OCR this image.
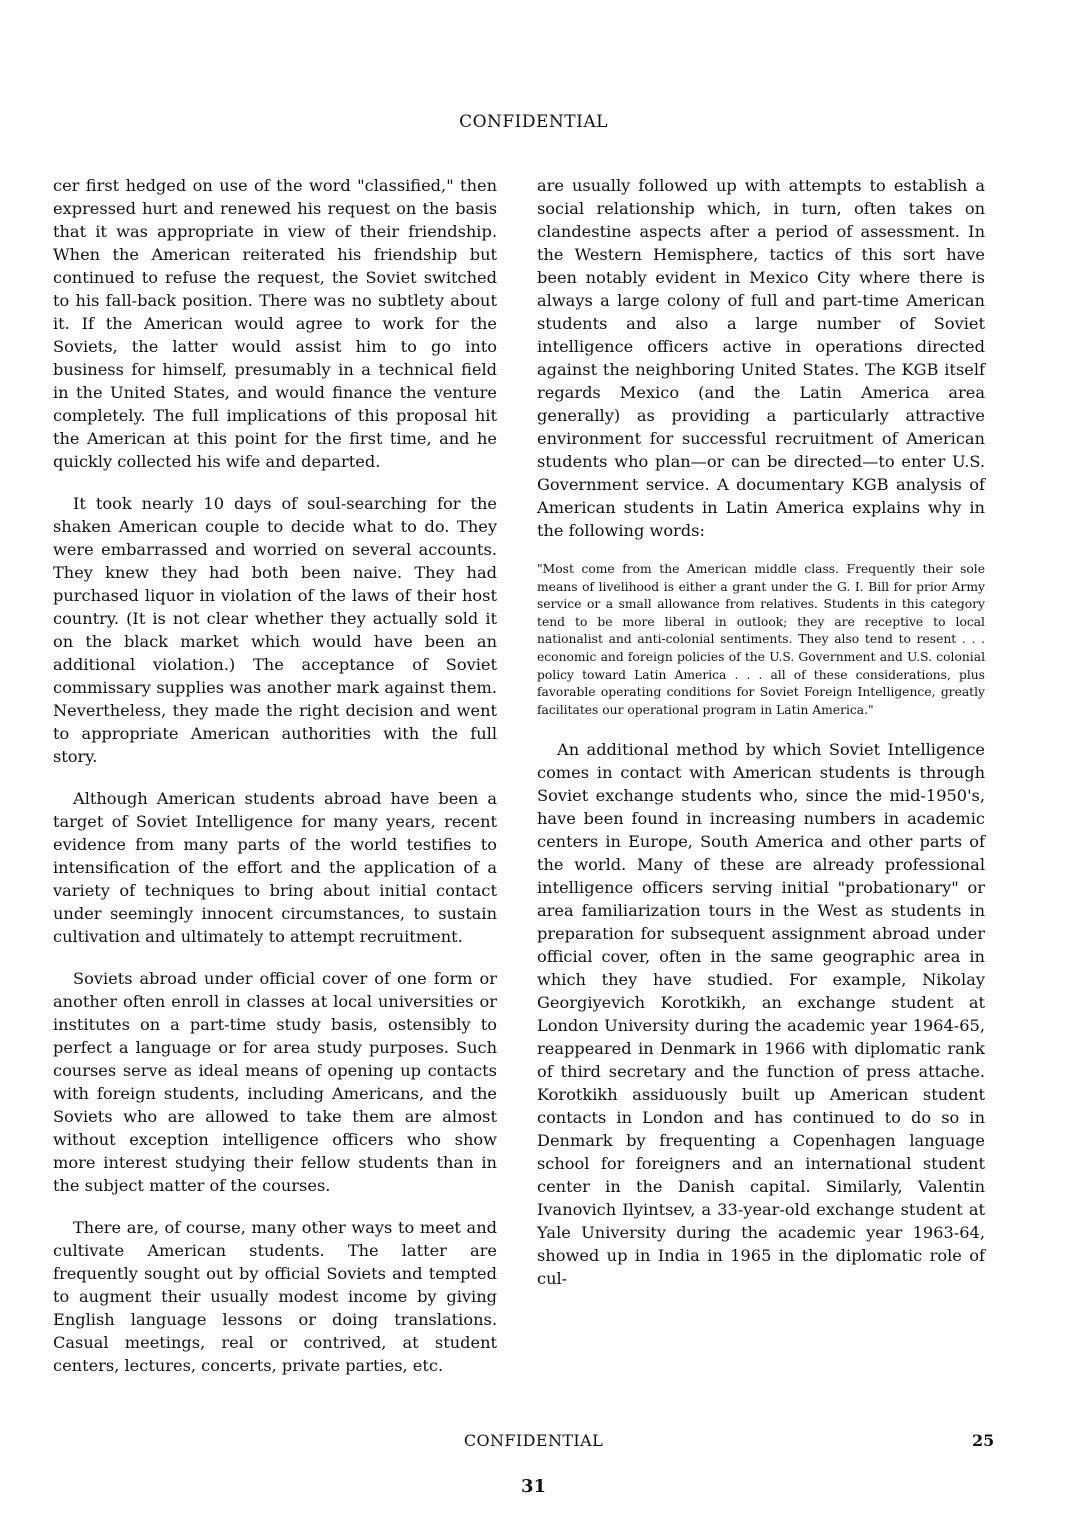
CONFIDENTIAL

cer first hedged on use of the word "classified," then expressed hurt and renewed his request on the basis that it was appropriate in view of their friendship. When the American reiterated his friendship but continued to refuse the request, the Soviet switched to his fall-back position. There was no subtlety about it. If the American would agree to work for the Soviets, the latter would assist him to go into business for himself, presumably in a technical field in the United States, and would finance the venture completely. The full implications of this proposal hit the American at this point for the first time, and he quickly collected his wife and departed.

It took nearly 10 days of soul-searching for the shaken American couple to decide what to do. They were embarrassed and worried on several accounts. They knew they had both been naive. They had purchased liquor in violation of the laws of their host country. (It is not clear whether they actually sold it on the black market which would have been an additional violation.) The acceptance of Soviet commissary supplies was another mark against them. Nevertheless, they made the right decision and went to appropriate American authorities with the full story.

Although American students abroad have been a target of Soviet Intelligence for many years, recent evidence from many parts of the world testifies to intensification of the effort and the application of a variety of techniques to bring about initial contact under seemingly innocent circumstances, to sustain cultivation and ultimately to attempt recruitment.

Soviets abroad under official cover of one form or another often enroll in classes at local universities or institutes on a part-time study basis, ostensibly to perfect a language or for area study purposes. Such courses serve as ideal means of opening up contacts with foreign students, including Americans, and the Soviets who are allowed to take them are almost without exception intelligence officers who show more interest studying their fellow students than in the subject matter of the courses.

There are, of course, many other ways to meet and cultivate American students. The latter are frequently sought out by official Soviets and tempted to augment their usually modest income by giving English language lessons or doing translations. Casual meetings, real or contrived, at student centers, lectures, concerts, private parties, etc.

are usually followed up with attempts to establish a social relationship which, in turn, often takes on clandestine aspects after a period of assessment. In the Western Hemisphere, tactics of this sort have been notably evident in Mexico City where there is always a large colony of full and part-time American students and also a large number of Soviet intelligence officers active in operations directed against the neighboring United States. The KGB itself regards Mexico (and the Latin America area generally) as providing a particularly attractive environment for successful recruitment of American students who plan—or can be directed—to enter U.S. Government service. A documentary KGB analysis of American students in Latin America explains why in the following words:

"Most come from the American middle class. Frequently their sole means of livelihood is either a grant under the G. I. Bill for prior Army service or a small allowance from relatives. Students in this category tend to be more liberal in outlook; they are receptive to local nationalist and anti-colonial sentiments. They also tend to resent . . . economic and foreign policies of the U.S. Government and U.S. colonial policy toward Latin America . . . all of these considerations, plus favorable operating conditions for Soviet Foreign Intelligence, greatly facilitates our operational program in Latin America."

An additional method by which Soviet Intelligence comes in contact with American students is through Soviet exchange students who, since the mid-1950's, have been found in increasing numbers in academic centers in Europe, South America and other parts of the world. Many of these are already professional intelligence officers serving initial "probationary" or area familiarization tours in the West as students in preparation for subsequent assignment abroad under official cover, often in the same geographic area in which they have studied. For example, Nikolay Georgiyevich Korotkikh, an exchange student at London University during the academic year 1964-65, reappeared in Denmark in 1966 with diplomatic rank of third secretary and the function of press attache. Korotkikh assiduously built up American student contacts in London and has continued to do so in Denmark by frequenting a Copenhagen language school for foreigners and an international student center in the Danish capital. Similarly, Valentin Ivanovich Ilyintsev, a 33-year-old exchange student at Yale University during the academic year 1963-64, showed up in India in 1965 in the diplomatic role of cul-

CONFIDENTIAL	25
31
